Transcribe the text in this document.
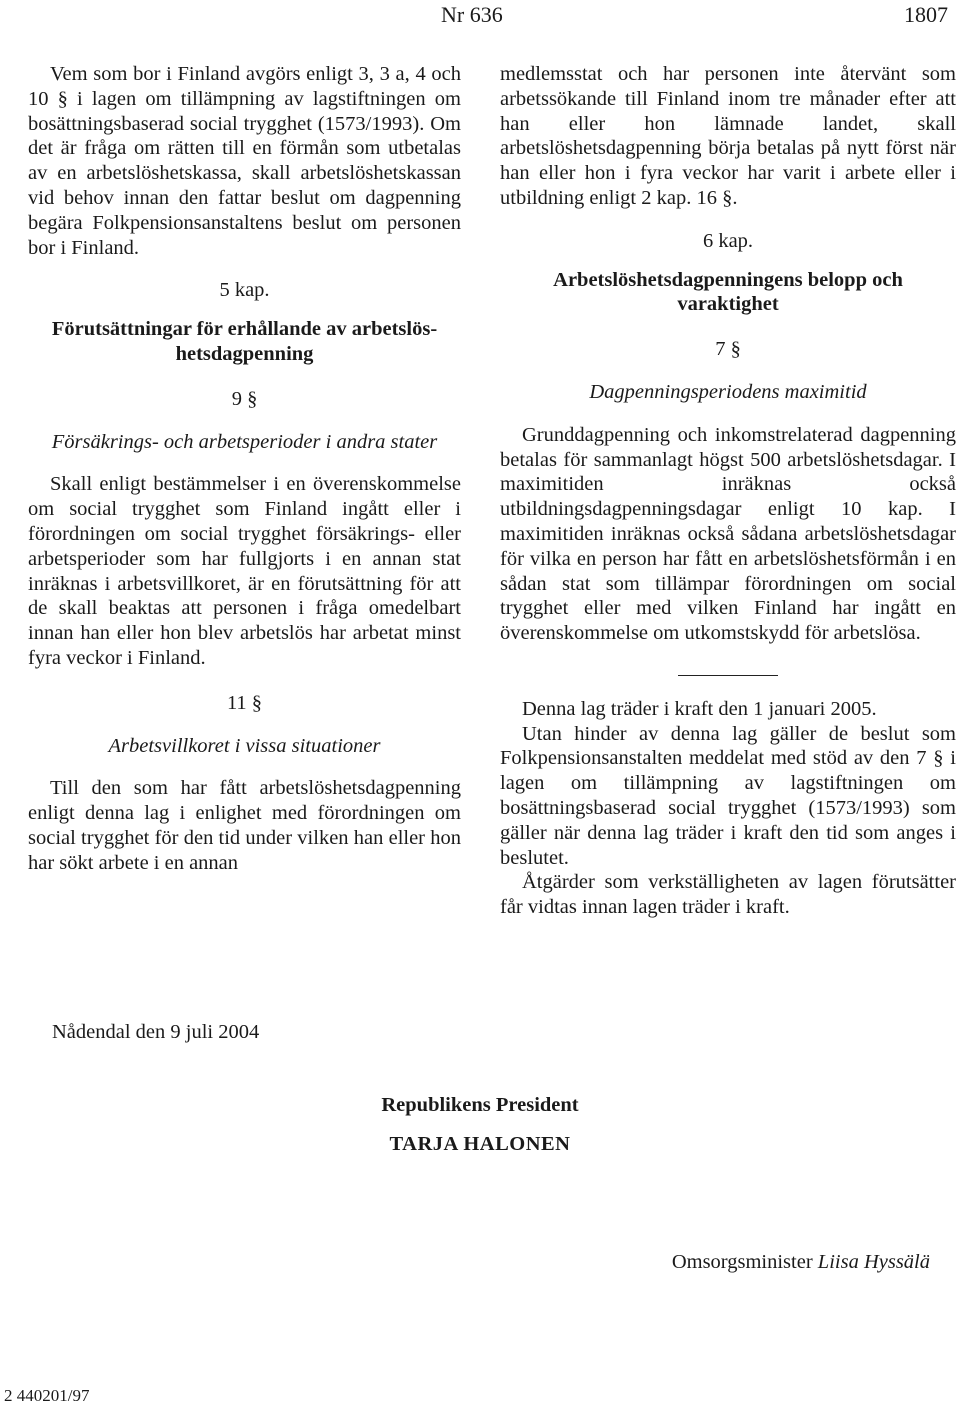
Nr 636	1807

Vem som bor i Finland avgörs enligt 3, 3 a, 4 och 10 § i lagen om tillämpning av lagstiftningen om bosättningsbaserad social trygghet (1573/1993). Om det är fråga om rätten till en förmån som utbetalas av en arbetslöshetskassa, skall arbetslöshetskassan vid behov innan den fattar beslut om dagpenning begära Folkpensionsanstaltens beslut om personen bor i Finland.

5 kap.

Förutsättningar för erhållande av arbetslöshetsdagpenning

9 §

Försäkrings- och arbetsperioder i andra stater

Skall enligt bestämmelser i en överenskommelse om social trygghet som Finland ingått eller i förordningen om social trygghet försäkrings- eller arbetsperioder som har fullgjorts i en annan stat inräknas i arbetsvillkoret, är en förutsättning för att de skall beaktas att personen i fråga omedelbart innan han eller hon blev arbetslös har arbetat minst fyra veckor i Finland.

11 §

Arbetsvillkoret i vissa situationer

Till den som har fått arbetslöshetsdagpenning enligt denna lag i enlighet med förordningen om social trygghet för den tid under vilken han eller hon har sökt arbete i en annan

medlemsstat och har personen inte återvänt som arbetssökande till Finland inom tre månader efter att han eller hon lämnade landet, skall arbetslöshetsdagpenning börja betalas på nytt först när han eller hon i fyra veckor har varit i arbete eller i utbildning enligt 2 kap. 16 §.

6 kap.

Arbetslöshetsdagpenningens belopp och varaktighet

7 §

Dagpenningsperiodens maximitid

Grunddagpenning och inkomstrelaterad dagpenning betalas för sammanlagt högst 500 arbetslöshetsdagar. I maximitiden inräknas också utbildningsdagpenningsdagar enligt 10 kap. I maximitiden inräknas också sådana arbetslöshetsdagar för vilka en person har fått en arbetslöshetsförmån i en sådan stat som tillämpar förordningen om social trygghet eller med vilken Finland har ingått en överenskommelse om utkomstskydd för arbetslösa.

Denna lag träder i kraft den 1 januari 2005.

Utan hinder av denna lag gäller de beslut som Folkpensionsanstalten meddelat med stöd av den 7 § i lagen om tillämpning av lagstiftningen om bosättningsbaserad social trygghet (1573/1993) som gäller när denna lag träder i kraft den tid som anges i beslutet.

Åtgärder som verkställigheten av lagen förutsätter får vidtas innan lagen träder i kraft.

Nådendal den 9 juli 2004
Republikens President
TARJA HALONEN
Omsorgsminister Liisa Hyssälä
2 440201/97
